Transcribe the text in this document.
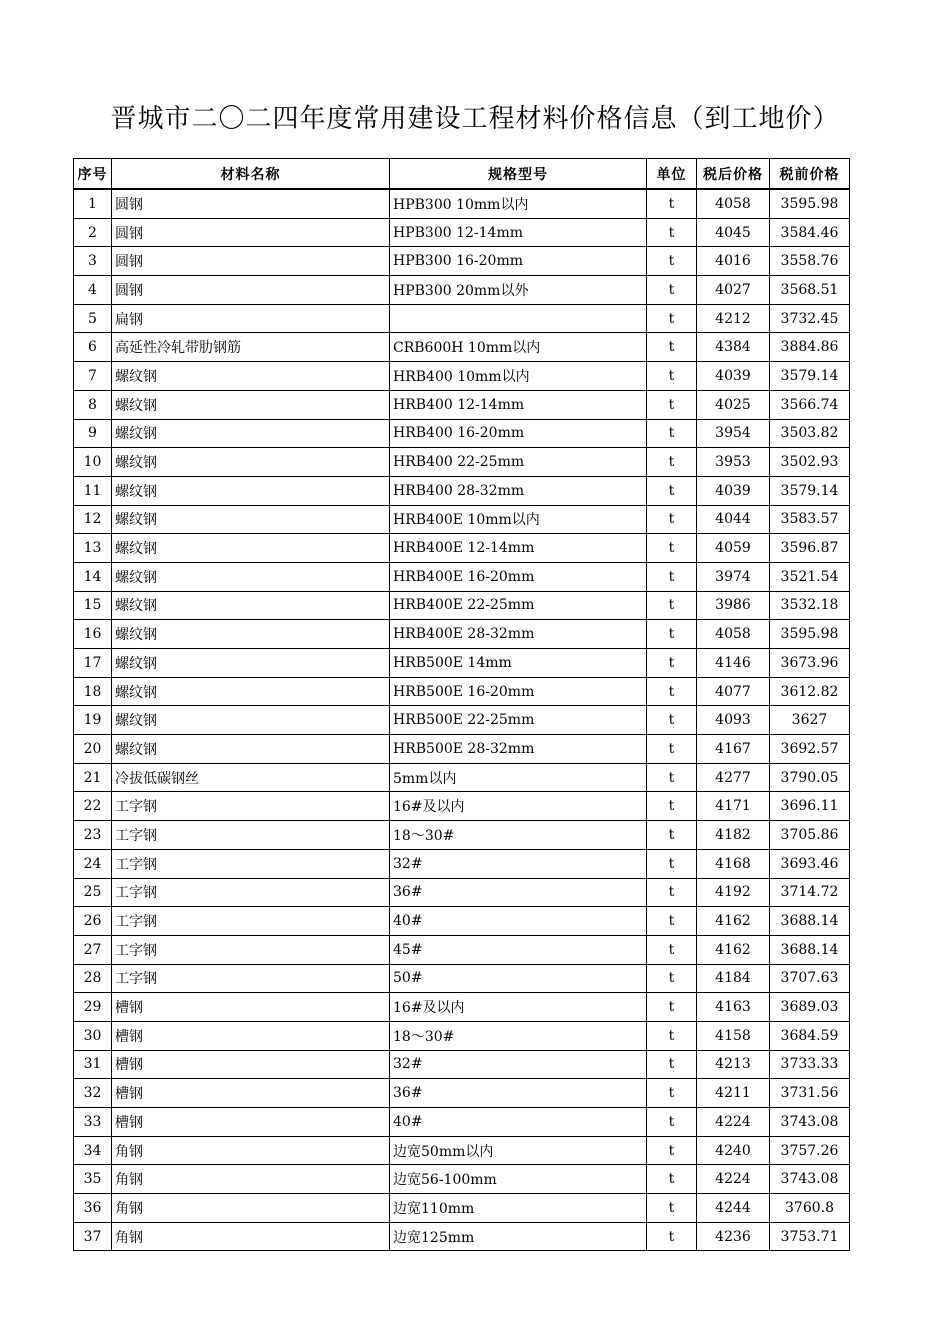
晋城市二〇二四年度常用建设工程材料价格信息（到工地价）
序号	材料名称	规格型号	单位	税后价格	税前价格
1	圆钢	HPB300 10mm以内	t	4058	3595.98
2	圆钢	HPB300 12-14mm	t	4045	3584.46
3	圆钢	HPB300 16-20mm	t	4016	3558.76
4	圆钢	HPB300 20mm以外	t	4027	3568.51
5	扁钢		t	4212	3732.45
6	高延性冷轧带肋钢筋	CRB600H 10mm以内	t	4384	3884.86
7	螺纹钢	HRB400 10mm以内	t	4039	3579.14
8	螺纹钢	HRB400 12-14mm	t	4025	3566.74
9	螺纹钢	HRB400 16-20mm	t	3954	3503.82
10	螺纹钢	HRB400 22-25mm	t	3953	3502.93
11	螺纹钢	HRB400 28-32mm	t	4039	3579.14
12	螺纹钢	HRB400E 10mm以内	t	4044	3583.57
13	螺纹钢	HRB400E 12-14mm	t	4059	3596.87
14	螺纹钢	HRB400E 16-20mm	t	3974	3521.54
15	螺纹钢	HRB400E 22-25mm	t	3986	3532.18
16	螺纹钢	HRB400E 28-32mm	t	4058	3595.98
17	螺纹钢	HRB500E 14mm	t	4146	3673.96
18	螺纹钢	HRB500E 16-20mm	t	4077	3612.82
19	螺纹钢	HRB500E 22-25mm	t	4093	3627
20	螺纹钢	HRB500E 28-32mm	t	4167	3692.57
21	冷拔低碳钢丝	5mm以内	t	4277	3790.05
22	工字钢	16#及以内	t	4171	3696.11
23	工字钢	18～30#	t	4182	3705.86
24	工字钢	32#	t	4168	3693.46
25	工字钢	36#	t	4192	3714.72
26	工字钢	40#	t	4162	3688.14
27	工字钢	45#	t	4162	3688.14
28	工字钢	50#	t	4184	3707.63
29	槽钢	16#及以内	t	4163	3689.03
30	槽钢	18～30#	t	4158	3684.59
31	槽钢	32#	t	4213	3733.33
32	槽钢	36#	t	4211	3731.56
33	槽钢	40#	t	4224	3743.08
34	角钢	边宽50mm以内	t	4240	3757.26
35	角钢	边宽56-100mm	t	4224	3743.08
36	角钢	边宽110mm	t	4244	3760.8
37	角钢	边宽125mm	t	4236	3753.71
